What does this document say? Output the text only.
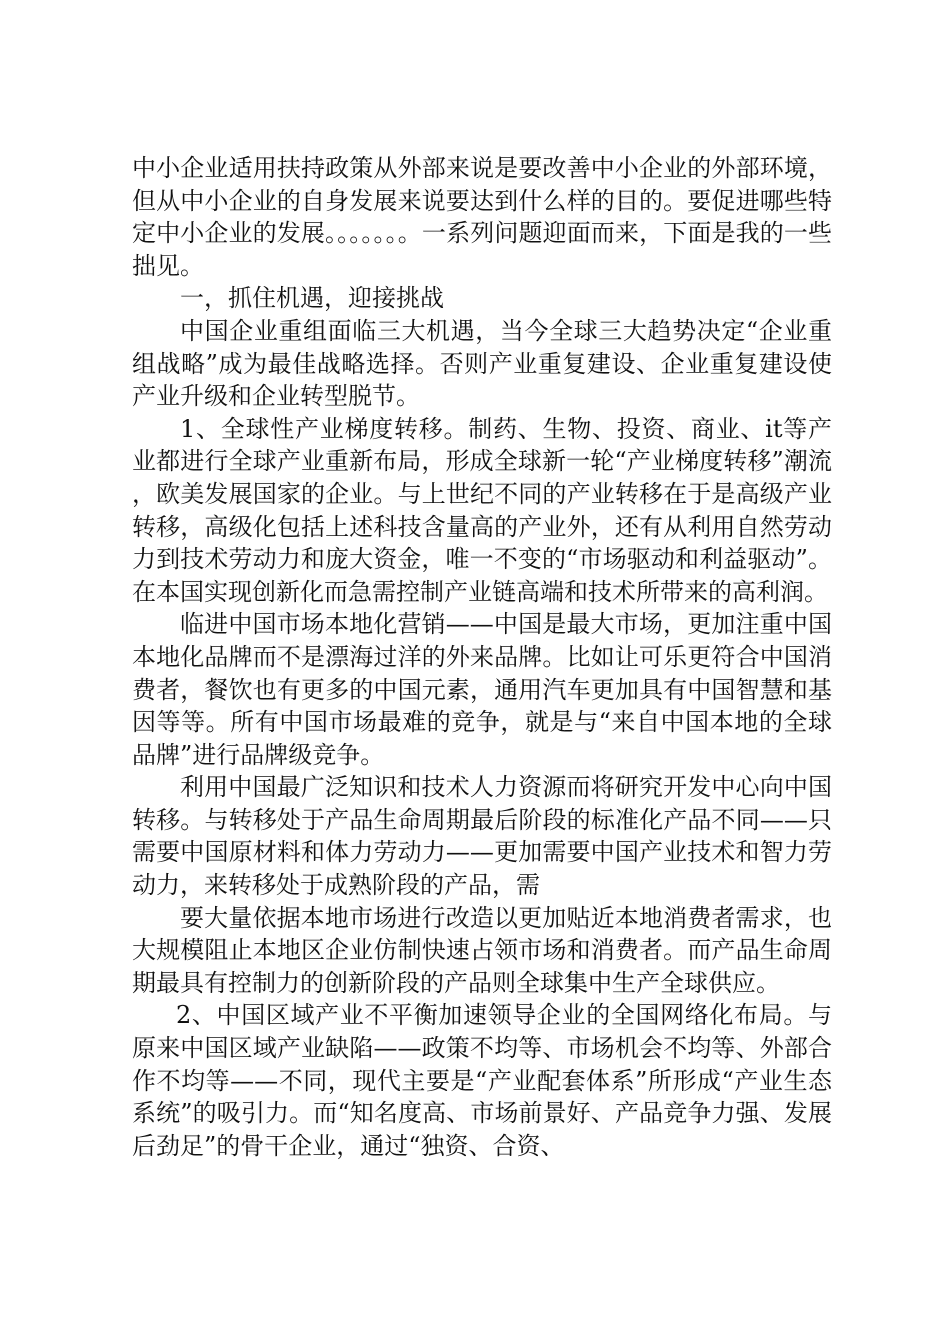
中小企业适用扶持政策从外部来说是要改善中小企业的外部环境，但从中小企业的自身发展来说要达到什么样的目的。要促进哪些特定中小企业的发展。。。。。。。一系列问题迎面而来，下面是我的一些拙见。

一，抓住机遇，迎接挑战

中国企业重组面临三大机遇，当今全球三大趋势决定“企业重组战略”成为最佳战略选择。否则产业重复建设、企业重复建设使产业升级和企业转型脱节。

1、全球性产业梯度转移。制药、生物、投资、商业、it等产业都进行全球产业重新布局，形成全球新一轮“产业梯度转移”潮流，欧美发展国家的企业。与上世纪不同的产业转移在于是高级产业转移，高级化包括上述科技含量高的产业外，还有从利用自然劳动力到技术劳动力和庞大资金，唯一不变的“市场驱动和利益驱动”。在本国实现创新化而急需控制产业链高端和技术所带来的高利润。

临进中国市场本地化营销——中国是最大市场，更加注重中国本地化品牌而不是漂海过洋的外来品牌。比如让可乐更符合中国消费者，餐饮也有更多的中国元素，通用汽车更加具有中国智慧和基因等等。所有中国市场最难的竞争，就是与“来自中国本地的全球品牌”进行品牌级竞争。

利用中国最广泛知识和技术人力资源而将研究开发中心向中国转移。与转移处于产品生命周期最后阶段的标准化产品不同——只需要中国原材料和体力劳动力——更加需要中国产业技术和智力劳动力，来转移处于成熟阶段的产品，需

要大量依据本地市场进行改造以更加贴近本地消费者需求，也大规模阻止本地区企业仿制快速占领市场和消费者。而产品生命周期最具有控制力的创新阶段的产品则全球集中生产全球供应。

2、中国区域产业不平衡加速领导企业的全国网络化布局。与原来中国区域产业缺陷——政策不均等、市场机会不均等、外部合作不均等——不同，现代主要是“产业配套体系”所形成“产业生态系统”的吸引力。而“知名度高、市场前景好、产品竞争力强、发展后劲足”的骨干企业，通过“独资、合资、
